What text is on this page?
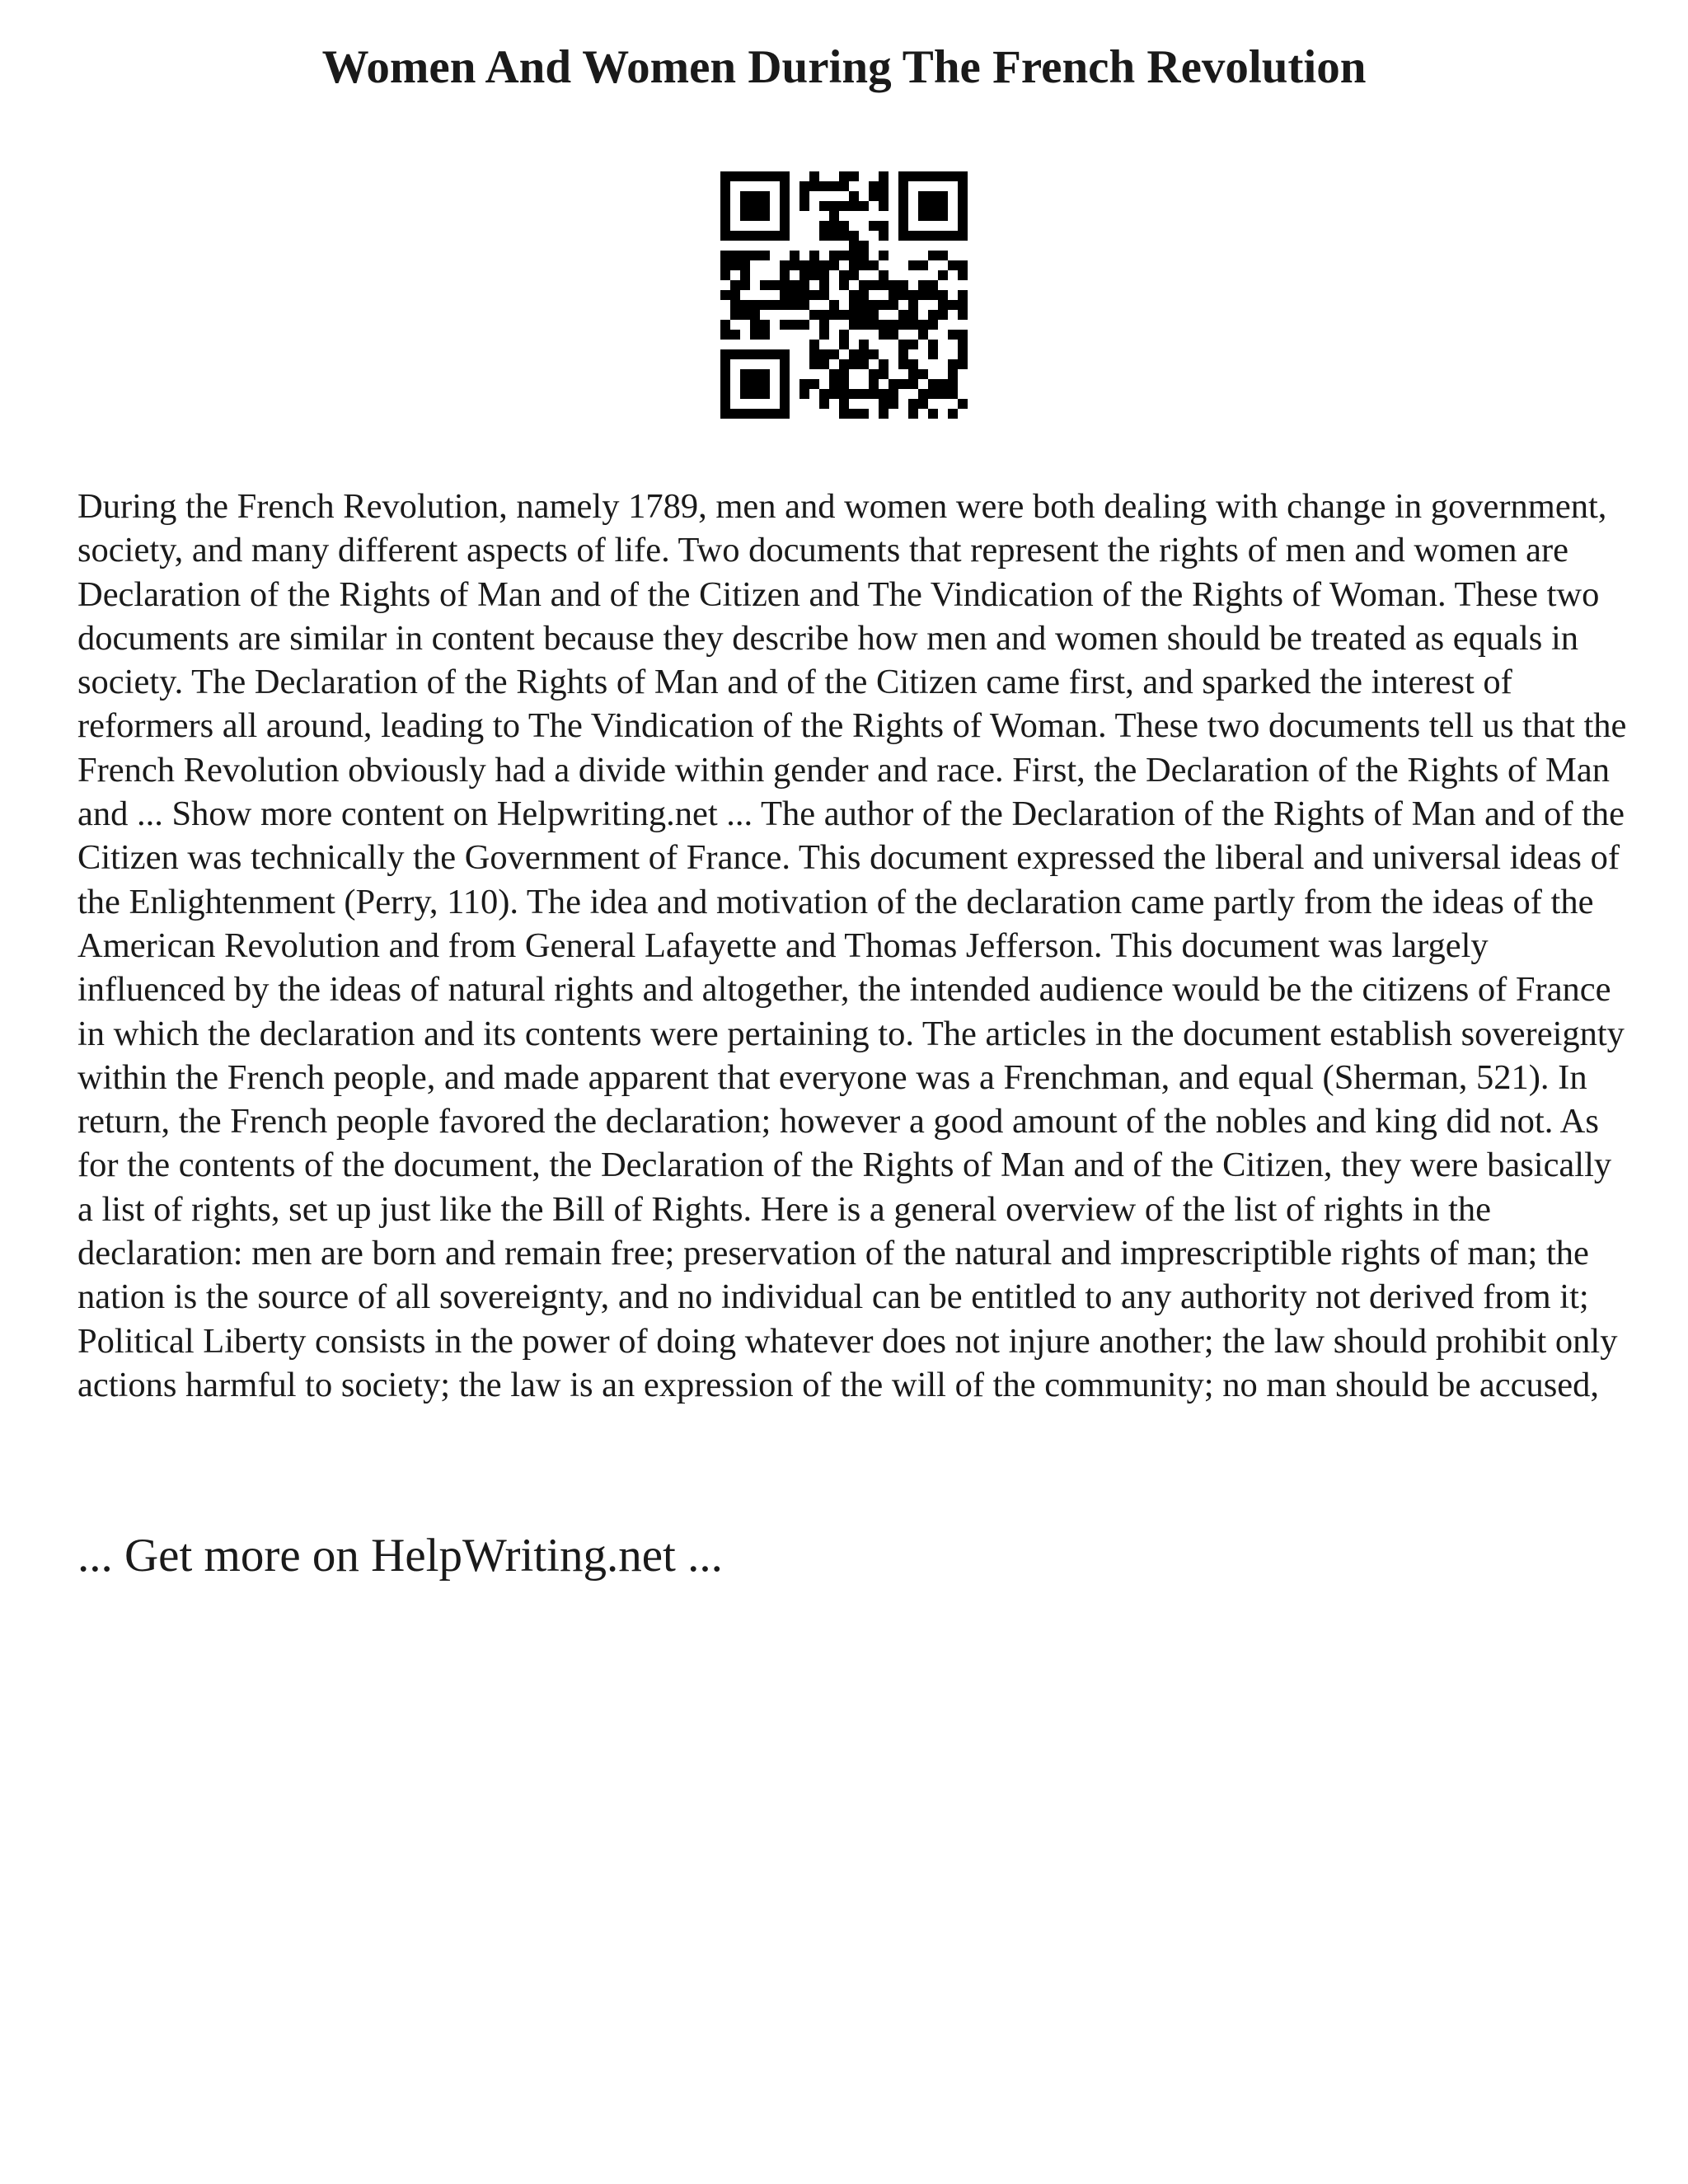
Women And Women During The French Revolution

During the French Revolution, namely 1789, men and women were both dealing with change in government, society, and many different aspects of life. Two documents that represent the rights of men and women are Declaration of the Rights of Man and of the Citizen and The Vindication of the Rights of Woman. These two documents are similar in content because they describe how men and women should be treated as equals in society. The Declaration of the Rights of Man and of the Citizen came first, and sparked the interest of reformers all around, leading to The Vindication of the Rights of Woman. These two documents tell us that the French Revolution obviously had a divide within gender and race. First, the Declaration of the Rights of Man and ... Show more content on Helpwriting.net ... The author of the Declaration of the Rights of Man and of the Citizen was technically the Government of France. This document expressed the liberal and universal ideas of the Enlightenment (Perry, 110). The idea and motivation of the declaration came partly from the ideas of the American Revolution and from General Lafayette and Thomas Jefferson. This document was largely influenced by the ideas of natural rights and altogether, the intended audience would be the citizens of France in which the declaration and its contents were pertaining to. The articles in the document establish sovereignty within the French people, and made apparent that everyone was a Frenchman, and equal (Sherman, 521). In return, the French people favored the declaration; however a good amount of the nobles and king did not. As for the contents of the document, the Declaration of the Rights of Man and of the Citizen, they were basically a list of rights, set up just like the Bill of Rights. Here is a general overview of the list of rights in the declaration: men are born and remain free; preservation of the natural and imprescriptible rights of man; the nation is the source of all sovereignty, and no individual can be entitled to any authority not derived from it; Political Liberty consists in the power of doing whatever does not injure another; the law should prohibit only actions harmful to society; the law is an expression of the will of the community; no man should be accused,

... Get more on HelpWriting.net ...
